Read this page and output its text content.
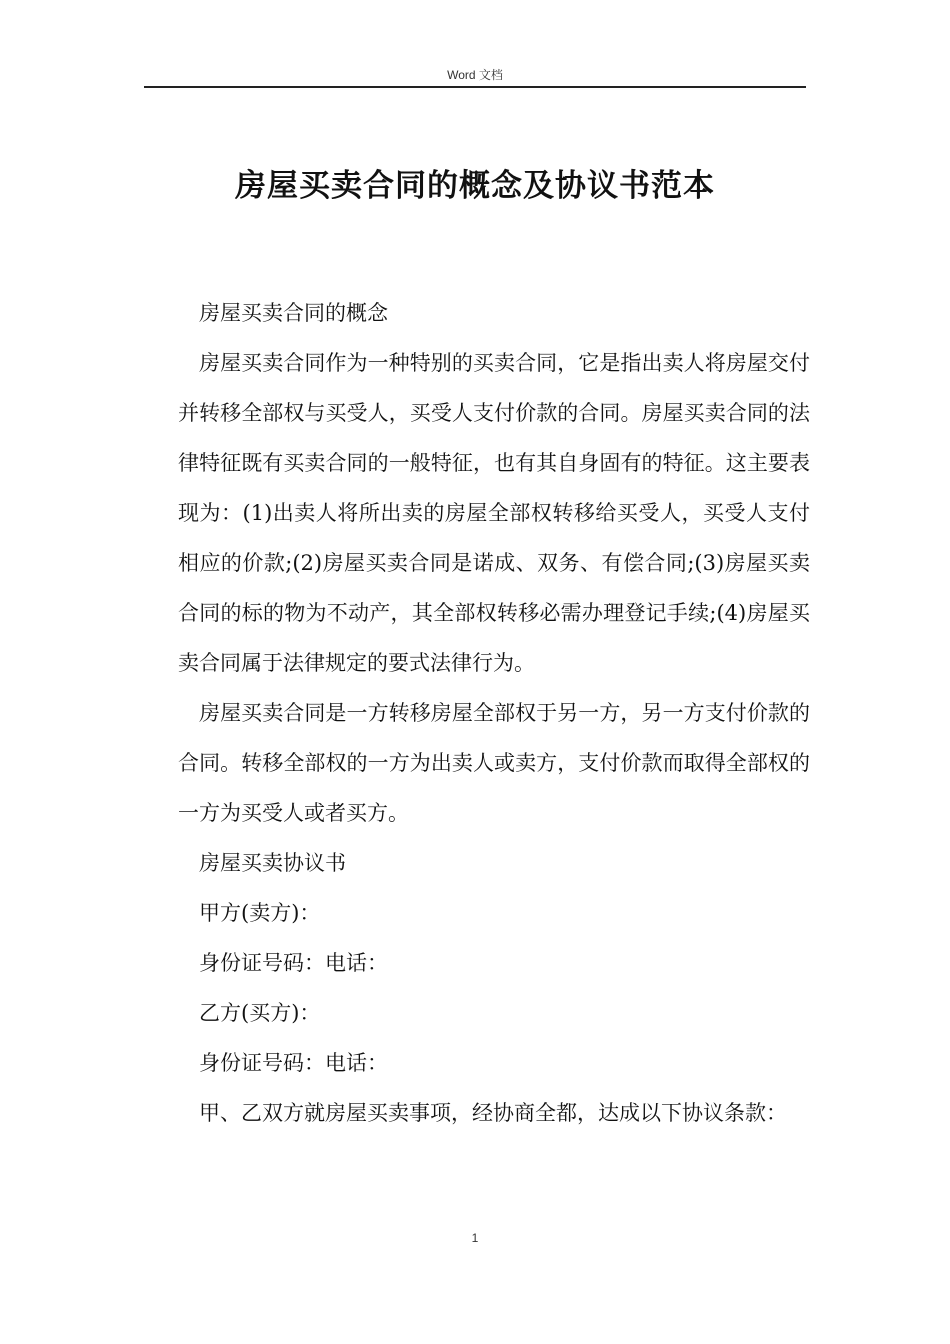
Word 文档
房屋买卖合同的概念及协议书范本

房屋买卖合同的概念

房屋买卖合同作为一种特别的买卖合同，它是指出卖人将房屋交付并转移全部权与买受人，买受人支付价款的合同。房屋买卖合同的法律特征既有买卖合同的一般特征，也有其自身固有的特征。这主要表现为：(1)出卖人将所出卖的房屋全部权转移给买受人，买受人支付相应的价款;(2)房屋买卖合同是诺成、双务、有偿合同;(3)房屋买卖合同的标的物为不动产，其全部权转移必需办理登记手续;(4)房屋买卖合同属于法律规定的要式法律行为。

房屋买卖合同是一方转移房屋全部权于另一方，另一方支付价款的合同。转移全部权的一方为出卖人或卖方，支付价款而取得全部权的一方为买受人或者买方。

房屋买卖协议书

甲方(卖方)：

身份证号码：电话：

乙方(买方)：

身份证号码：电话：

甲、乙双方就房屋买卖事项，经协商全都，达成以下协议条款：

1
